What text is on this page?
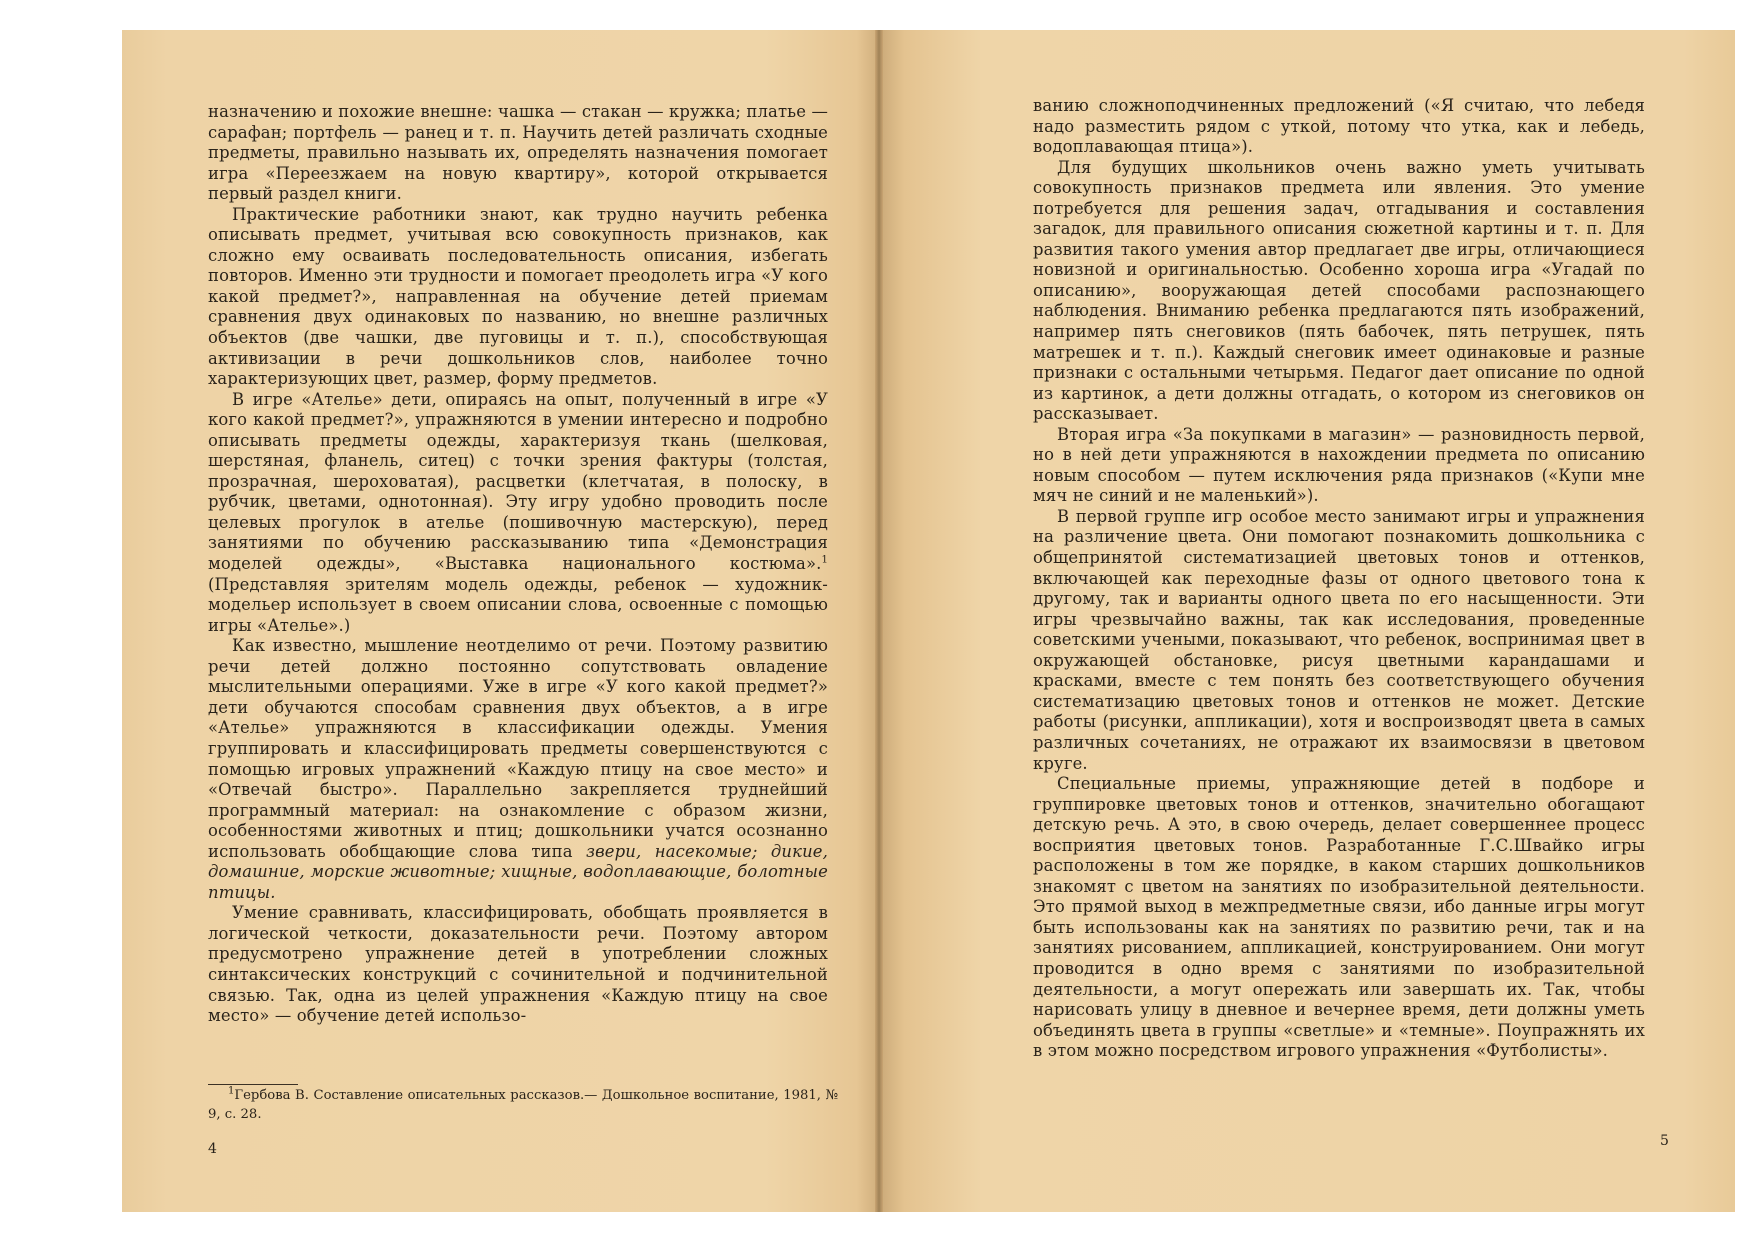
назначению и похожие внешне: чашка — стакан — кружка; платье — сарафан; портфель — ранец и т. п. Научить детей различать сходные предметы, правильно называть их, определять назначения помогает игра «Переезжаем на новую квартиру», которой открывается первый раздел книги.

Практические работники знают, как трудно научить ребенка описывать предмет, учитывая всю совокупность признаков, как сложно ему осваивать последовательность описания, избегать повторов. Именно эти трудности и помогает преодолеть игра «У кого какой предмет?», направленная на обучение детей приемам сравнения двух одинаковых по названию, но внешне различных объектов (две чашки, две пуговицы и т. п.), способствующая активизации в речи дошкольников слов, наиболее точно характеризующих цвет, размер, форму предметов.

В игре «Ателье» дети, опираясь на опыт, полученный в игре «У кого какой предмет?», упражняются в умении интересно и подробно описывать предметы одежды, характеризуя ткань (шелковая, шерстяная, фланель, ситец) с точки зрения фактуры (толстая, прозрачная, шероховатая), расцветки (клетчатая, в полоску, в рубчик, цветами, однотонная). Эту игру удобно проводить после целевых прогулок в ателье (пошивочную мастерскую), перед занятиями по обучению рассказыванию типа «Демонстрация моделей одежды», «Выставка национального костюма».$^1$ (Представляя зрителям модель одежды, ребенок — художник-модельер использует в своем описании слова, освоенные с помощью игры «Ателье».)

Как известно, мышление неотделимо от речи. Поэтому развитию речи детей должно постоянно сопутствовать овладение мыслительными операциями. Уже в игре «У кого какой предмет?» дети обучаются способам сравнения двух объектов, а в игре «Ателье» упражняются в классификации одежды. Умения группировать и классифицировать предметы совершенствуются с помощью игровых упражнений «Каждую птицу на свое место» и «Отвечай быстро». Параллельно закрепляется труднейший программный материал: на ознакомление с образом жизни, особенностями животных и птиц; дошкольники учатся осознанно использовать обобщающие слова типа звери, насекомые; дикие, домашние, морские животные; хищные, водоплавающие, болотные птицы.

Умение сравнивать, классифицировать, обобщать проявляется в логической четкости, доказательности речи. Поэтому автором предусмотрено упражнение детей в употреблении сложных синтаксических конструкций с сочинительной и подчинительной связью. Так, одна из целей упражнения «Каждую птицу на свое место» — обучение детей использо-

$^1$Гербова В. Составление описательных рассказов.— Дошкольное воспитание, 1981, № 9, с. 28.
4

ванию сложноподчиненных предложений («Я считаю, что лебедя надо разместить рядом с уткой, потому что утка, как и лебедь, водоплавающая птица»).

Для будущих школьников очень важно уметь учитывать совокупность признаков предмета или явления. Это умение потребуется для решения задач, отгадывания и составления загадок, для правильного описания сюжетной картины и т. п. Для развития такого умения автор предлагает две игры, отличающиеся новизной и оригинальностью. Особенно хороша игра «Угадай по описанию», вооружающая детей способами распознающего наблюдения. Вниманию ребенка предлагаются пять изображений, например пять снеговиков (пять бабочек, пять петрушек, пять матрешек и т. п.). Каждый снеговик имеет одинаковые и разные признаки с остальными четырьмя. Педагог дает описание по одной из картинок, а дети должны отгадать, о котором из снеговиков он рассказывает.

Вторая игра «За покупками в магазин» — разновидность первой, но в ней дети упражняются в нахождении предмета по описанию новым способом — путем исключения ряда признаков («Купи мне мяч не синий и не маленький»).

В первой группе игр особое место занимают игры и упражнения на различение цвета. Они помогают познакомить дошкольника с общепринятой систематизацией цветовых тонов и оттенков, включающей как переходные фазы от одного цветового тона к другому, так и варианты одного цвета по его насыщенности. Эти игры чрезвычайно важны, так как исследования, проведенные советскими учеными, показывают, что ребенок, воспринимая цвет в окружающей обстановке, рисуя цветными карандашами и красками, вместе с тем понять без соответствующего обучения систематизацию цветовых тонов и оттенков не может. Детские работы (рисунки, аппликации), хотя и воспроизводят цвета в самых различных сочетаниях, не отражают их взаимосвязи в цветовом круге.

Специальные приемы, упражняющие детей в подборе и группировке цветовых тонов и оттенков, значительно обогащают детскую речь. А это, в свою очередь, делает совершеннее процесс восприятия цветовых тонов. Разработанные Г.С.Швайко игры расположены в том же порядке, в каком старших дошкольников знакомят с цветом на занятиях по изобразительной деятельности. Это прямой выход в межпредметные связи, ибо данные игры могут быть использованы как на занятиях по развитию речи, так и на занятиях рисованием, аппликацией, конструированием. Они могут проводится в одно время с занятиями по изобразительной деятельности, а могут опережать или завершать их. Так, чтобы нарисовать улицу в дневное и вечернее время, дети должны уметь объединять цвета в группы «светлые» и «темные». Поупражнять их в этом можно посредством игрового упражнения «Футболисты».

5
